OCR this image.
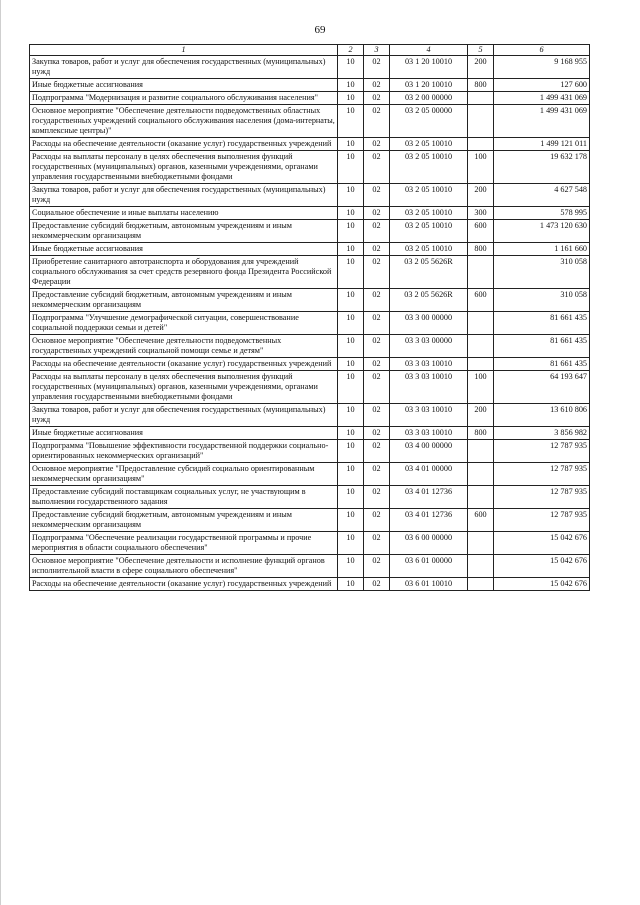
69
1	2	3	4	5	6
Закупка товаров, работ и услуг для обеспечения государственных (муниципальных) нужд	10	02	03 1 20 10010	200	9 168 955
Иные бюджетные ассигнования	10	02	03 1 20 10010	800	127 600
Подпрограмма "Модернизация и развитие социального обслуживания населения"	10	02	03 2 00 00000		1 499 431 069
Основное мероприятие "Обеспечение деятельности подведомственных областных государственных учреждений социального обслуживания населения (дома-интернаты, комплексные центры)"	10	02	03 2 05 00000		1 499 431 069
Расходы на обеспечение деятельности (оказание услуг) государственных учреждений	10	02	03 2 05 10010		1 499 121 011
Расходы на выплаты персоналу в целях обеспечения выполнения функций государственных (муниципальных) органов, казенными учреждениями, органами управления государственными внебюджетными фондами	10	02	03 2 05 10010	100	19 632 178
Закупка товаров, работ и услуг для обеспечения государственных (муниципальных) нужд	10	02	03 2 05 10010	200	4 627 548
Социальное обеспечение и иные выплаты населению	10	02	03 2 05 10010	300	578 995
Предоставление субсидий бюджетным, автономным учреждениям и иным некоммерческим организациям	10	02	03 2 05 10010	600	1 473 120 630
Иные бюджетные ассигнования	10	02	03 2 05 10010	800	1 161 660
Приобретение санитарного автотранспорта и оборудования для учреждений социального обслуживания за счет средств резервного фонда Президента Российской Федерации	10	02	03 2 05 5626R		310 058
Предоставление субсидий бюджетным, автономным учреждениям и иным некоммерческим организациям	10	02	03 2 05 5626R	600	310 058
Подпрограмма "Улучшение демографической ситуации, совершенствование социальной поддержки семьи и детей"	10	02	03 3 00 00000		81 661 435
Основное мероприятие "Обеспечение деятельности подведомственных государственных учреждений социальной помощи семье и детям"	10	02	03 3 03 00000		81 661 435
Расходы на обеспечение деятельности (оказание услуг) государственных учреждений	10	02	03 3 03 10010		81 661 435
Расходы на выплаты персоналу в целях обеспечения выполнения функций государственных (муниципальных) органов, казенными учреждениями, органами управления государственными внебюджетными фондами	10	02	03 3 03 10010	100	64 193 647
Закупка товаров, работ и услуг для обеспечения государственных (муниципальных) нужд	10	02	03 3 03 10010	200	13 610 806
Иные бюджетные ассигнования	10	02	03 3 03 10010	800	3 856 982
Подпрограмма "Повышение эффективности государственной поддержки социально-ориентированных некоммерческих организаций"	10	02	03 4 00 00000		12 787 935
Основное мероприятие "Предоставление субсидий социально ориентированным некоммерческим организациям"	10	02	03 4 01 00000		12 787 935
Предоставление субсидий поставщикам социальных услуг, не участвующим в выполнении государственного задания	10	02	03 4 01 12736		12 787 935
Предоставление субсидий бюджетным, автономным учреждениям и иным некоммерческим организациям	10	02	03 4 01 12736	600	12 787 935
Подпрограмма "Обеспечение реализации государственной программы и прочие мероприятия в области социального обеспечения"	10	02	03 6 00 00000		15 042 676
Основное мероприятие "Обеспечение деятельности и исполнение функций органов исполнительной власти в сфере социального обеспечения"	10	02	03 6 01 00000		15 042 676
Расходы на обеспечение деятельности (оказание услуг) государственных учреждений	10	02	03 6 01 10010		15 042 676
